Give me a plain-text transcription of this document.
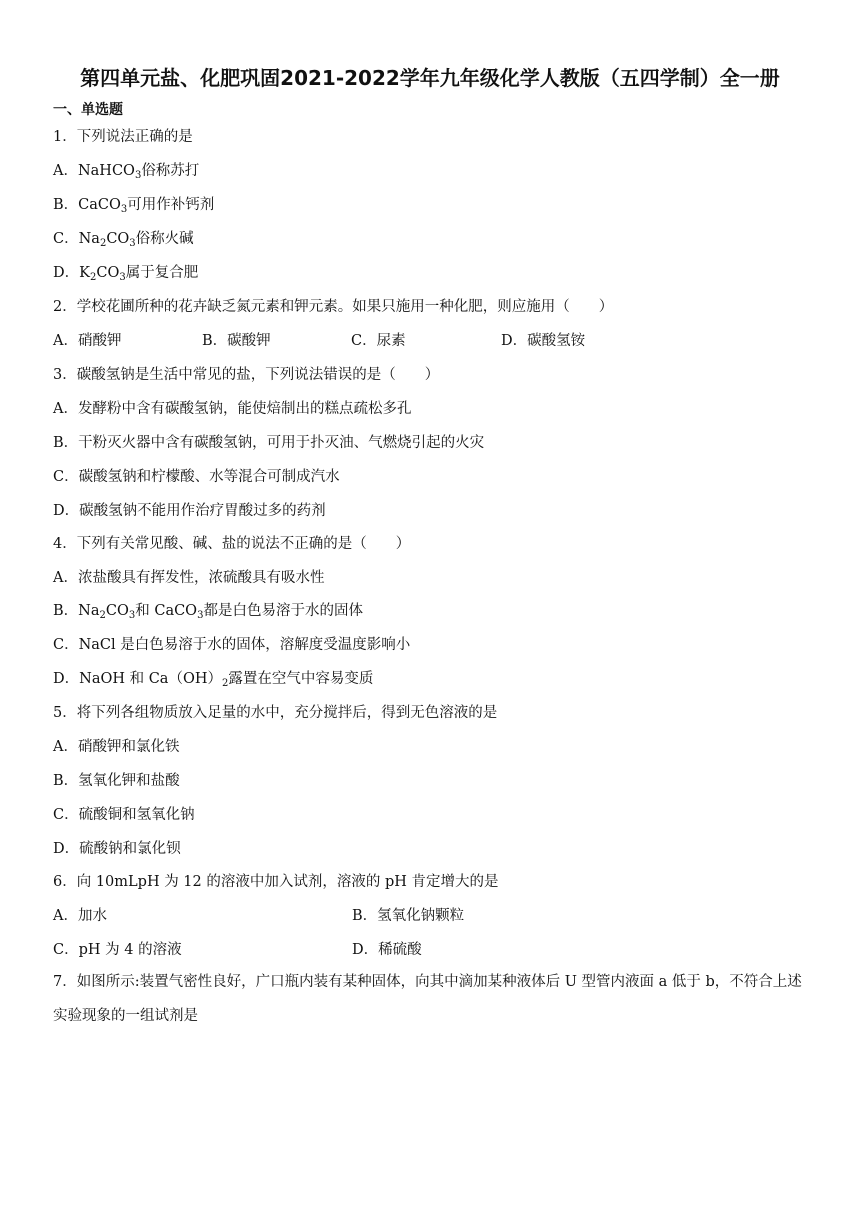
第四单元盐、化肥巩固2021-2022学年九年级化学人教版（五四学制）全一册
一、单选题
1．下列说法正确的是
A．NaHCO$_3$俗称苏打
B．CaCO$_3$可用作补钙剂
C．$Na_2CO_3$俗称火碱
D．$K_2CO_3$属于复合肥
2．学校花圃所种的花卉缺乏氮元素和钾元素。如果只施用一种化肥，则应施用（　　）
A．硝酸钾	B．碳酸钾	C．尿素	D．碳酸氢铵
3．碳酸氢钠是生活中常见的盐，下列说法错误的是（　　）
A．发酵粉中含有碳酸氢钠，能使焙制出的糕点疏松多孔
B．干粉灭火器中含有碳酸氢钠，可用于扑灭油、气燃烧引起的火灾
C．碳酸氢钠和柠檬酸、水等混合可制成汽水
D．碳酸氢钠不能用作治疗胃酸过多的药剂
4．下列有关常见酸、碱、盐的说法不正确的是（　　）
A．浓盐酸具有挥发性，浓硫酸具有吸水性
B．$Na_2CO_3$和 CaCO$_3$都是白色易溶于水的固体
C．NaCl 是白色易溶于水的固体，溶解度受温度影响小
D．NaOH 和 $Ca(OH)_2$露置在空气中容易变质
5．将下列各组物质放入足量的水中，充分搅拌后，得到无色溶液的是
A．硝酸钾和氯化铁
B．氢氧化钾和盐酸
C．硫酸铜和氢氧化钠
D．硫酸钠和氯化钡
6．向 10mLpH 为 12 的溶液中加入试剂，溶液的 pH 肯定增大的是
A．加水	B．氢氧化钠颗粒
C．pH 为 4 的溶液	D．稀硫酸
7．如图所示:装置气密性良好，广口瓶内装有某种固体，向其中滴加某种液体后 U 型管内液面 a 低于 b，不符合上述实验现象的一组试剂是
